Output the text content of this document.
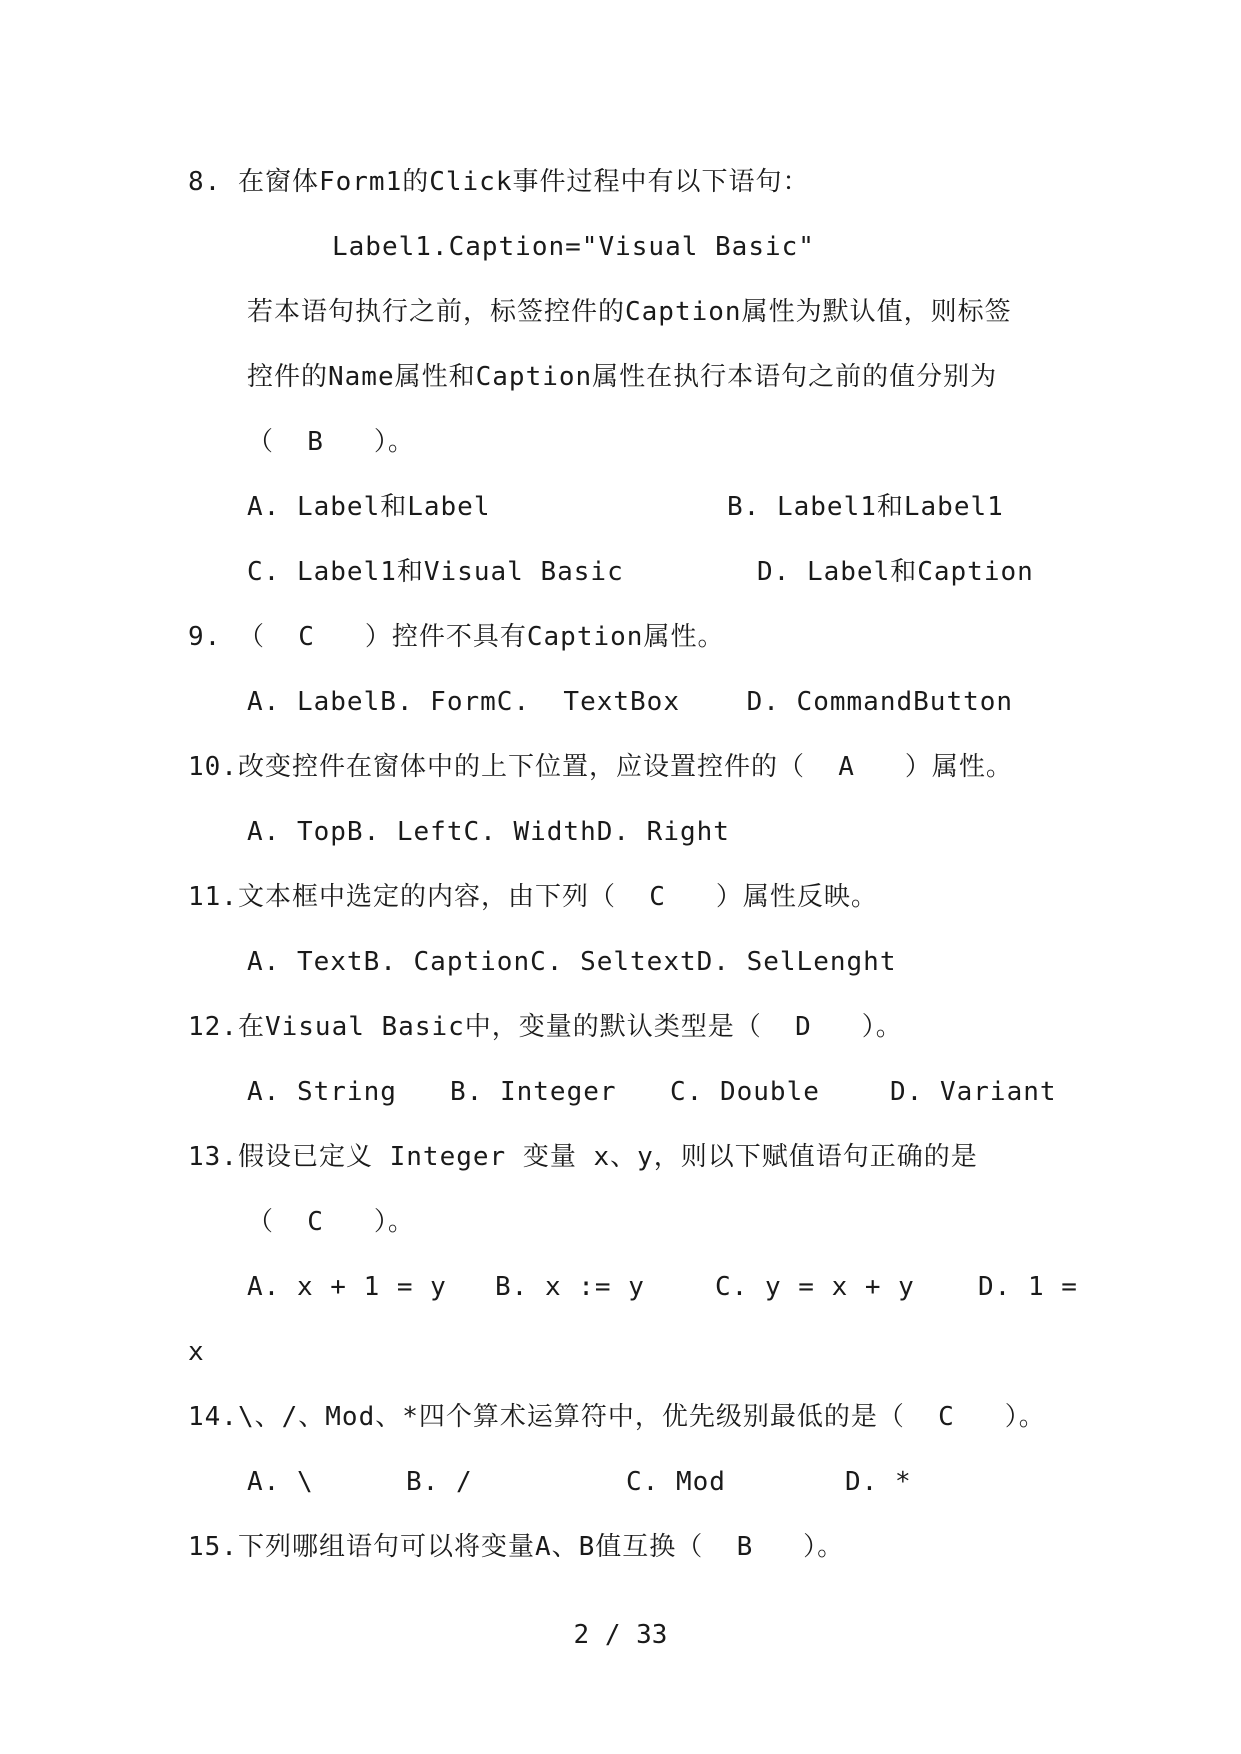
8. 在窗体Form1的Click事件过程中有以下语句：
Label1.Caption="Visual Basic"
若本语句执行之前，标签控件的Caption属性为默认值，则标签
控件的Name属性和Caption属性在执行本语句之前的值分别为
（  B   ）。
A. Label和Label	B. Label1和Label1
C. Label1和Visual Basic	D. Label和Caption
9. （  C   ）控件不具有Caption属性。
A. LabelB. FormC.  TextBox    D. CommandButton
10.改变控件在窗体中的上下位置，应设置控件的（  A   ）属性。
A. TopB. LeftC. WidthD. Right
11.文本框中选定的内容，由下列（  C   ）属性反映。
A. TextB. CaptionC. SeltextD. SelLenght
12.在Visual Basic中，变量的默认类型是（  D   ）。
A. String B. Integer C. Double	D. Variant
13.假设已定义 Integer 变量 x、y，则以下赋值语句正确的是
（  C   ）。
A. x + 1 = y B. x := y	C. y = x + y D. 1 =
x
14.\、/、Mod、*四个算术运算符中，优先级别最低的是（  C   ）。
A. \	B. /	C. Mod	D. *
15.下列哪组语句可以将变量A、B值互换（  B   ）。
2 / 33
